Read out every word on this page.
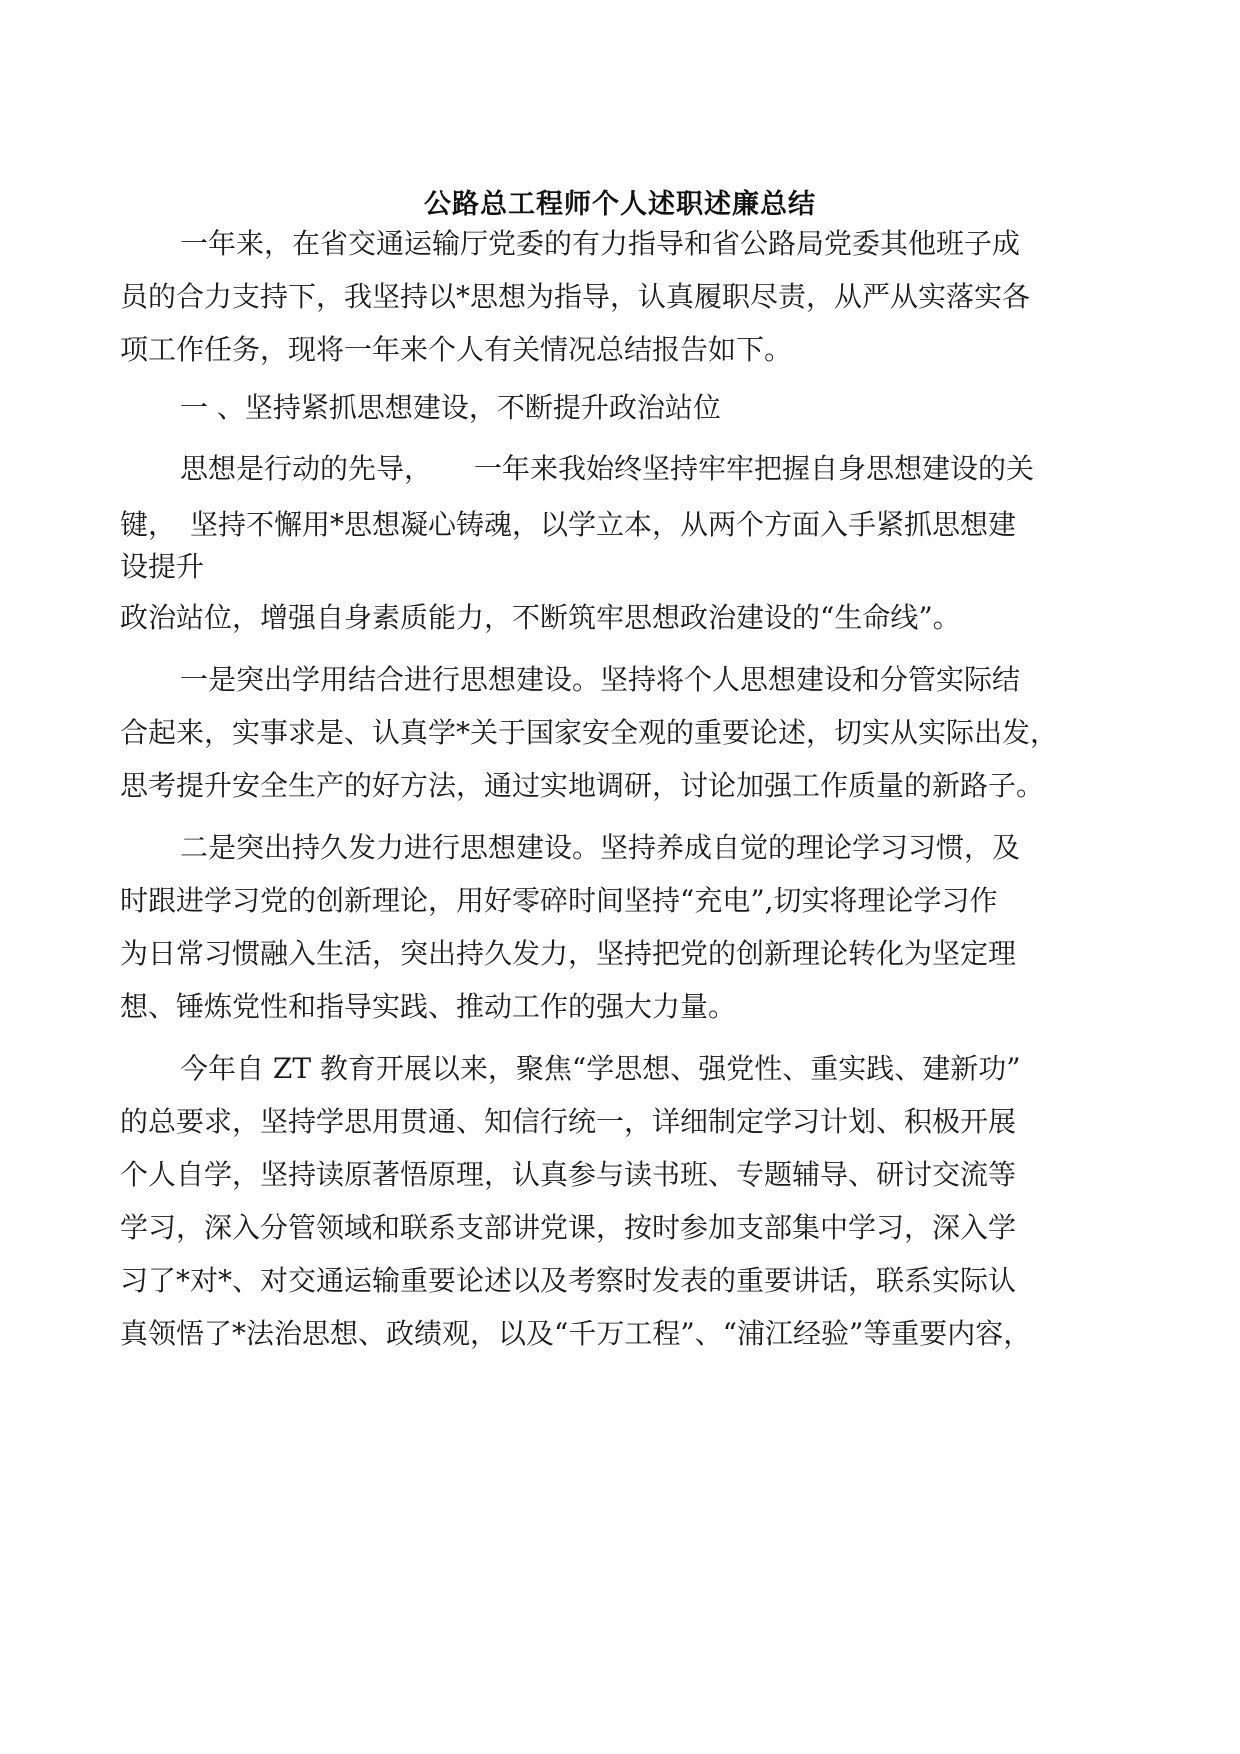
公路总工程师个人述职述廉总结
一年来，在省交通运输厅党委的有力指导和省公路局党委其他班子成
员的合力支持下，我坚持以*思想为指导，认真履职尽责，从严从实落实各
项工作任务，现将一年来个人有关情况总结报告如下。
一 、坚持紧抓思想建设，不断提升政治站位
思想是行动的先导，　　一年来我始终坚持牢牢把握自身思想建设的关
键，　坚持不懈用*思想凝心铸魂，以学立本，从两个方面入手紧抓思想建
设提升
政治站位，增强自身素质能力，不断筑牢思想政治建设的“生命线”。
一是突出学用结合进行思想建设。坚持将个人思想建设和分管实际结
合起来，实事求是、认真学*关于国家安全观的重要论述，切实从实际出发，
思考提升安全生产的好方法，通过实地调研，讨论加强工作质量的新路子。
二是突出持久发力进行思想建设。坚持养成自觉的理论学习习惯，及
时跟进学习党的创新理论，用好零碎时间坚持“充电”,切实将理论学习作
为日常习惯融入生活，突出持久发力，坚持把党的创新理论转化为坚定理
想、锤炼党性和指导实践、推动工作的强大力量。
今年自 ZT 教育开展以来，聚焦“学思想、强党性、重实践、建新功”
的总要求，坚持学思用贯通、知信行统一，详细制定学习计划、积极开展
个人自学，坚持读原著悟原理，认真参与读书班、专题辅导、研讨交流等
学习，深入分管领域和联系支部讲党课，按时参加支部集中学习，深入学
习了*对*、对交通运输重要论述以及考察时发表的重要讲话，联系实际认
真领悟了*法治思想、政绩观，以及“千万工程”、“浦江经验”等重要内容，
